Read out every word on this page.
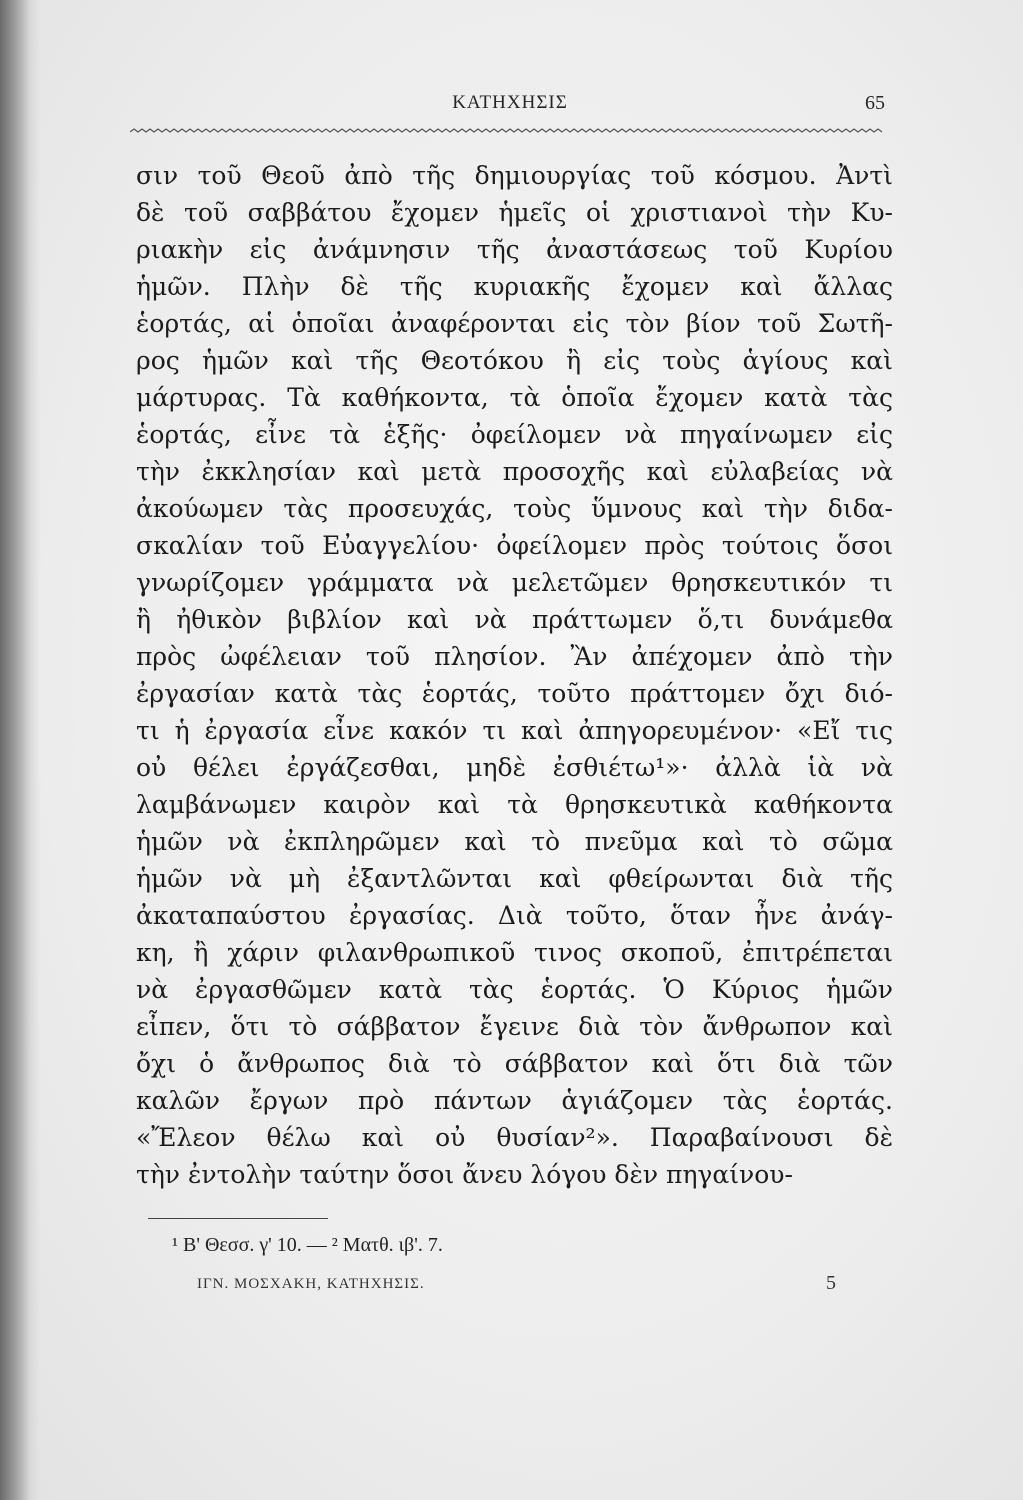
ΚΑΤΗΧΗΣΙΣ	65
σιν τοῦ Θεοῦ ἀπὸ τῆς δημιουργίας τοῦ κόσμου. Ἀντὶ
δὲ τοῦ σαββάτου ἔχομεν ἡμεῖς οἱ χριστιανοὶ τὴν Κυ-
ριακὴν εἰς ἀνάμνησιν τῆς ἀναστάσεως τοῦ Κυρίου
ἡμῶν. Πλὴν δὲ τῆς κυριακῆς ἔχομεν καὶ ἄλλας
ἑορτάς, αἱ ὁποῖαι ἀναφέρονται εἰς τὸν βίον τοῦ Σωτῆ-
ρος ἡμῶν καὶ τῆς Θεοτόκου ἢ εἰς τοὺς ἁγίους καὶ
μάρτυρας. Τὰ καθήκοντα, τὰ ὁποῖα ἔχομεν κατὰ τὰς
ἑορτάς, εἶνε τὰ ἑξῆς· ὀφείλομεν νὰ πηγαίνωμεν εἰς
τὴν ἐκκλησίαν καὶ μετὰ προσοχῆς καὶ εὐλαβείας νὰ
ἀκούωμεν τὰς προσευχάς, τοὺς ὕμνους καὶ τὴν διδα-
σκαλίαν τοῦ Εὐαγγελίου· ὀφείλομεν πρὸς τούτοις ὅσοι
γνωρίζομεν γράμματα νὰ μελετῶμεν θρησκευτικόν τι
ἢ ἠθικὸν βιβλίον καὶ νὰ πράττωμεν ὅ,τι δυνάμεθα
πρὸς ὠφέλειαν τοῦ πλησίον. Ἂν ἀπέχομεν ἀπὸ τὴν
ἐργασίαν κατὰ τὰς ἑορτάς, τοῦτο πράττομεν ὄχι διό-
τι ἡ ἐργασία εἶνε κακόν τι καὶ ἀπηγορευμένον· «Εἴ τις
οὐ θέλει ἐργάζεσθαι, μηδὲ ἐσθιέτω¹»· ἀλλὰ ἱὰ νὰ
λαμβάνωμεν καιρὸν καὶ τὰ θρησκευτικὰ καθήκοντα
ἡμῶν νὰ ἐκπληρῶμεν καὶ τὸ πνεῦμα καὶ τὸ σῶμα
ἡμῶν νὰ μὴ ἐξαντλῶνται καὶ φθείρωνται διὰ τῆς
ἀκαταπαύστου ἐργασίας. Διὰ τοῦτο, ὅταν ἦνε ἀνάγ-
κη, ἢ χάριν φιλανθρωπικοῦ τινος σκοποῦ, ἐπιτρέπεται
νὰ ἐργασθῶμεν κατὰ τὰς ἑορτάς. Ὁ Κύριος ἡμῶν
εἶπεν, ὅτι τὸ σάββατον ἔγεινε διὰ τὸν ἄνθρωπον καὶ
ὄχι ὁ ἄνθρωπος διὰ τὸ σάββατον καὶ ὅτι διὰ τῶν
καλῶν ἔργων πρὸ πάντων ἁγιάζομεν τὰς ἑορτάς.
«Ἔλεον θέλω καὶ οὐ θυσίαν²». Παραβαίνουσι δὲ
τὴν ἐντολὴν ταύτην ὅσοι ἄνευ λόγου δὲν πηγαίνου-
¹ Β' Θεσσ. γ' 10. — ² Ματθ. ιβ'. 7.
ΙΓΝ. ΜΟΣΧΑΚΗ, ΚΑΤΗΧΗΣΙΣ.	5
